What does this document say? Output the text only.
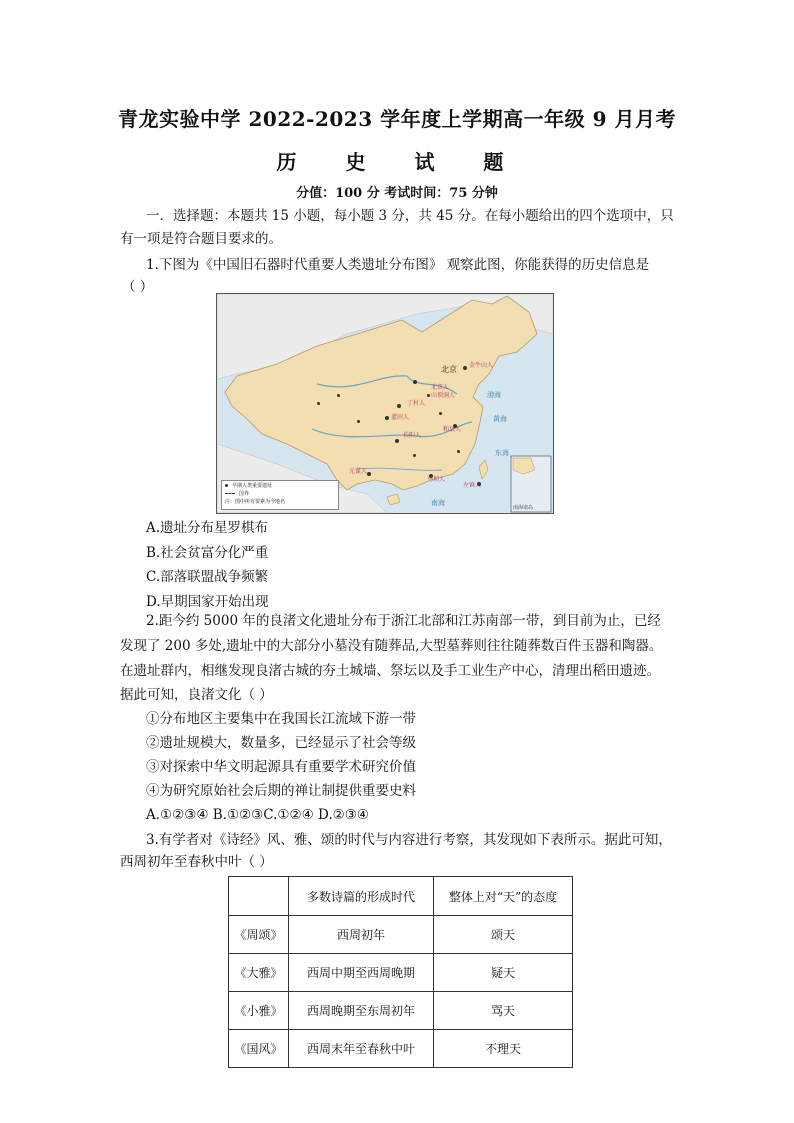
青龙实验中学 2022-2023 学年度上学期高一年级 9 月月考
历 史 试 题
分值：100 分 考试时间：75 分钟
一．选择题：本题共 15 小题，每小题 3 分，共 45 分。在每小题给出的四个选项中，只
有一项是符合题目要求的。
1.下图为《中国旧石器时代重要人类遗址分布图》 观察此图，你能获得的历史信息是
（ ）
北京 金牛山人
北京人
山顶洞人
丁村人
蓝田人
长阳人
和县人
元谋人
马坝人
左镇人
渤海
黄海
东海
南海
南海诸岛
早期人类重要遗址
国界
注：图中所有要素为今地名
A.遗址分布星罗棋布
B.社会贫富分化严重
C.部落联盟战争频繁
D.早期国家开始出现
2.距今约 5000 年的良渚文化遗址分布于浙江北部和江苏南部一带，到目前为止，已经
发现了 200 多处,遗址中的大部分小墓没有随葬品,大型墓葬则往往随葬数百件玉器和陶器。
在遗址群内，相继发现良渚古城的夯土城墙、祭坛以及手工业生产中心，清理出稻田遗迹。
据此可知，良渚文化（ ）
①分布地区主要集中在我国长江流域下游一带
②遗址规模大，数量多，已经显示了社会等级
③对探索中华文明起源具有重要学术研究价值
④为研究原始社会后期的禅让制提供重要史料
A.①②③④ B.①②③C.①②④ D.②③④
3.有学者对《诗经》风、雅、颂的时代与内容进行考察，其发现如下表所示。据此可知，
西周初年至春秋中叶（ ）
	多数诗篇的形成时代	整体上对“天”的态度
《周颂》	西周初年	颂天
《大雅》	西周中期至西周晚期	疑天
《小雅》	西周晚期至东周初年	骂天
《国风》	西周末年至春秋中叶	不理天
